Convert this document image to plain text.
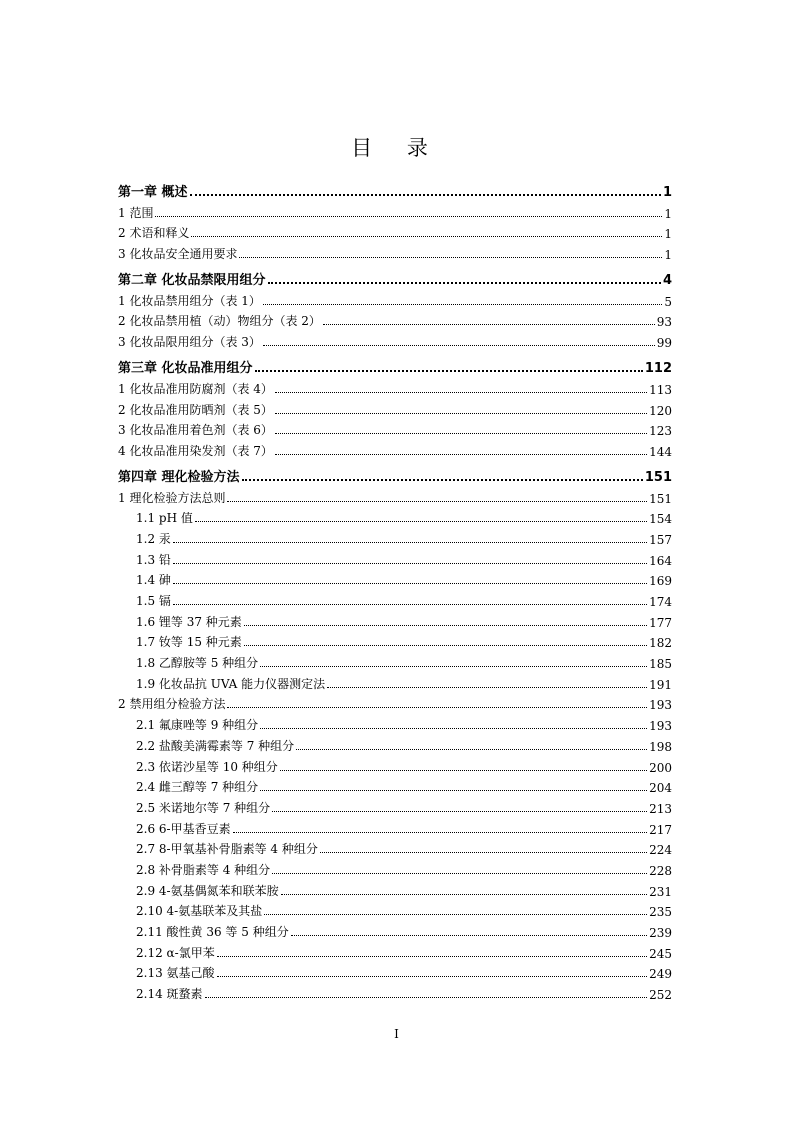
目 录
第一章 概述	1
1 范围	1
2 术语和释义	1
3 化妆品安全通用要求	1
第二章 化妆品禁限用组分	4
1 化妆品禁用组分（表 1）	5
2 化妆品禁用植（动）物组分（表 2）	93
3 化妆品限用组分（表 3）	99
第三章 化妆品准用组分	112
1 化妆品准用防腐剂（表 4）	113
2 化妆品准用防晒剂（表 5）	120
3 化妆品准用着色剂（表 6）	123
4 化妆品准用染发剂（表 7）	144
第四章 理化检验方法	151
1 理化检验方法总则	151
1.1 pH 值	154
1.2 汞	157
1.3 铅	164
1.4 砷	169
1.5 镉	174
1.6 锂等 37 种元素	177
1.7 钕等 15 种元素	182
1.8 乙醇胺等 5 种组分	185
1.9 化妆品抗 UVA 能力仪器测定法	191
2 禁用组分检验方法	193
2.1 氟康唑等 9 种组分	193
2.2 盐酸美满霉素等 7 种组分	198
2.3 依诺沙星等 10 种组分	200
2.4 雌三醇等 7 种组分	204
2.5 米诺地尔等 7 种组分	213
2.6 6-甲基香豆素	217
2.7 8-甲氧基补骨脂素等 4 种组分	224
2.8 补骨脂素等 4 种组分	228
2.9 4-氨基偶氮苯和联苯胺	231
2.10 4-氨基联苯及其盐	235
2.11 酸性黄 36 等 5 种组分	239
2.12 α-氯甲苯	245
2.13 氨基己酸	249
2.14 斑蝥素	252
I
